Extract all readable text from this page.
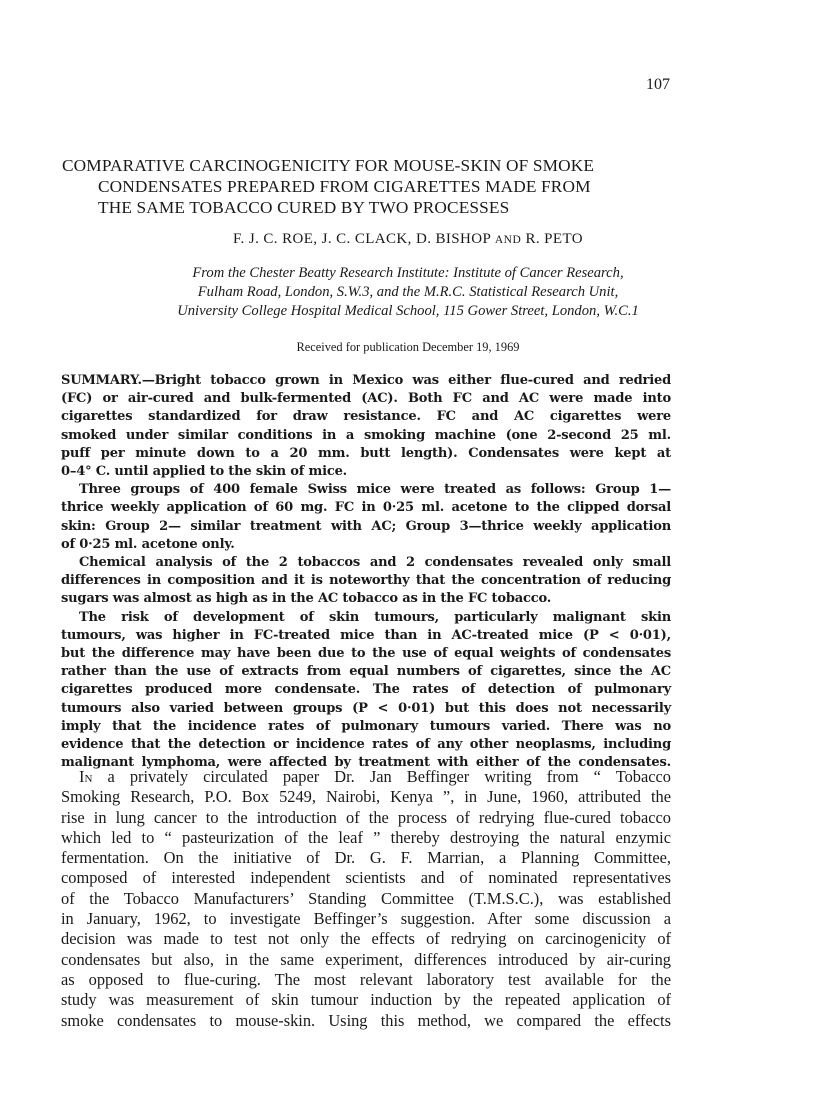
107
COMPARATIVE CARCINOGENICITY FOR MOUSE-SKIN OF SMOKE
CONDENSATES PREPARED FROM CIGARETTES MADE FROM
THE SAME TOBACCO CURED BY TWO PROCESSES
F. J. C. ROE, J. C. CLACK, D. BISHOP AND R. PETO
From the Chester Beatty Research Institute: Institute of Cancer Research,
Fulham Road, London, S.W.3, and the M.R.C. Statistical Research Unit,
University College Hospital Medical School, 115 Gower Street, London, W.C.1
Received for publication December 19, 1969
SUMMARY.—Bright tobacco grown in Mexico was either flue-cured and redried
(FC) or air-cured and bulk-fermented (AC). Both FC and AC were made into
cigarettes standardized for draw resistance. FC and AC cigarettes were
smoked under similar conditions in a smoking machine (one 2-second 25 ml.
puff per minute down to a 20 mm. butt length). Condensates were kept at
0–4° C. until applied to the skin of mice.
Three groups of 400 female Swiss mice were treated as follows: Group 1—
thrice weekly application of 60 mg. FC in 0·25 ml. acetone to the clipped dorsal
skin: Group 2— similar treatment with AC; Group 3—thrice weekly application
of 0·25 ml. acetone only.
Chemical analysis of the 2 tobaccos and 2 condensates revealed only small
differences in composition and it is noteworthy that the concentration of reducing
sugars was almost as high as in the AC tobacco as in the FC tobacco.
The risk of development of skin tumours, particularly malignant skin
tumours, was higher in FC-treated mice than in AC-treated mice (P < 0·01),
but the difference may have been due to the use of equal weights of condensates
rather than the use of extracts from equal numbers of cigarettes, since the AC
cigarettes produced more condensate. The rates of detection of pulmonary
tumours also varied between groups (P < 0·01) but this does not necessarily
imply that the incidence rates of pulmonary tumours varied. There was no
evidence that the detection or incidence rates of any other neoplasms, including
malignant lymphoma, were affected by treatment with either of the condensates.
In a privately circulated paper Dr. Jan Beffinger writing from “ Tobacco
Smoking Research, P.O. Box 5249, Nairobi, Kenya ”, in June, 1960, attributed the
rise in lung cancer to the introduction of the process of redrying flue-cured tobacco
which led to “ pasteurization of the leaf ” thereby destroying the natural enzymic
fermentation. On the initiative of Dr. G. F. Marrian, a Planning Committee,
composed of interested independent scientists and of nominated representatives
of the Tobacco Manufacturers’ Standing Committee (T.M.S.C.), was established
in January, 1962, to investigate Beffinger’s suggestion. After some discussion a
decision was made to test not only the effects of redrying on carcinogenicity of
condensates but also, in the same experiment, differences introduced by air-curing
as opposed to flue-curing. The most relevant laboratory test available for the
study was measurement of skin tumour induction by the repeated application of
smoke condensates to mouse-skin. Using this method, we compared the effects
